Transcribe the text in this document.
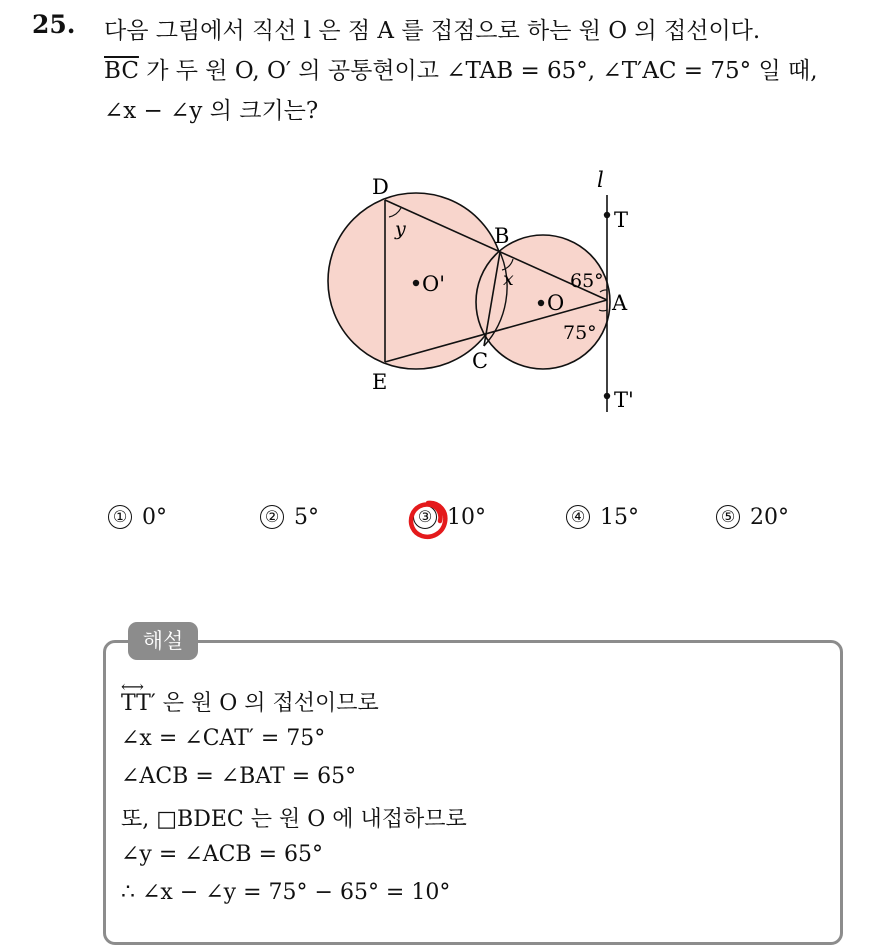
25. 다음 그림에서 직선 l 은 점 A 를 접점으로 하는 원 O 의 접선이다.
$\overline{BC}$ 가 두 원 O, O′ 의 공통현이고 ∠TAB = 65°, ∠T′AC = 75° 일 때,
∠x − ∠y 의 크기는?
l
T
T'
A
B
C
D
E
O
O'	x
y
65°
75°
① 0°	② 5°	③ 10°	④ 15°	⑤ 20°
해설
⟷ TT′ 은 원 O 의 접선이므로
∠x = ∠CAT′ = 75°
∠ACB = ∠BAT = 65°
또, □BDEC 는 원 O 에 내접하므로
∠y = ∠ACB = 65°
∴ ∠x − ∠y = 75° − 65° = 10°
